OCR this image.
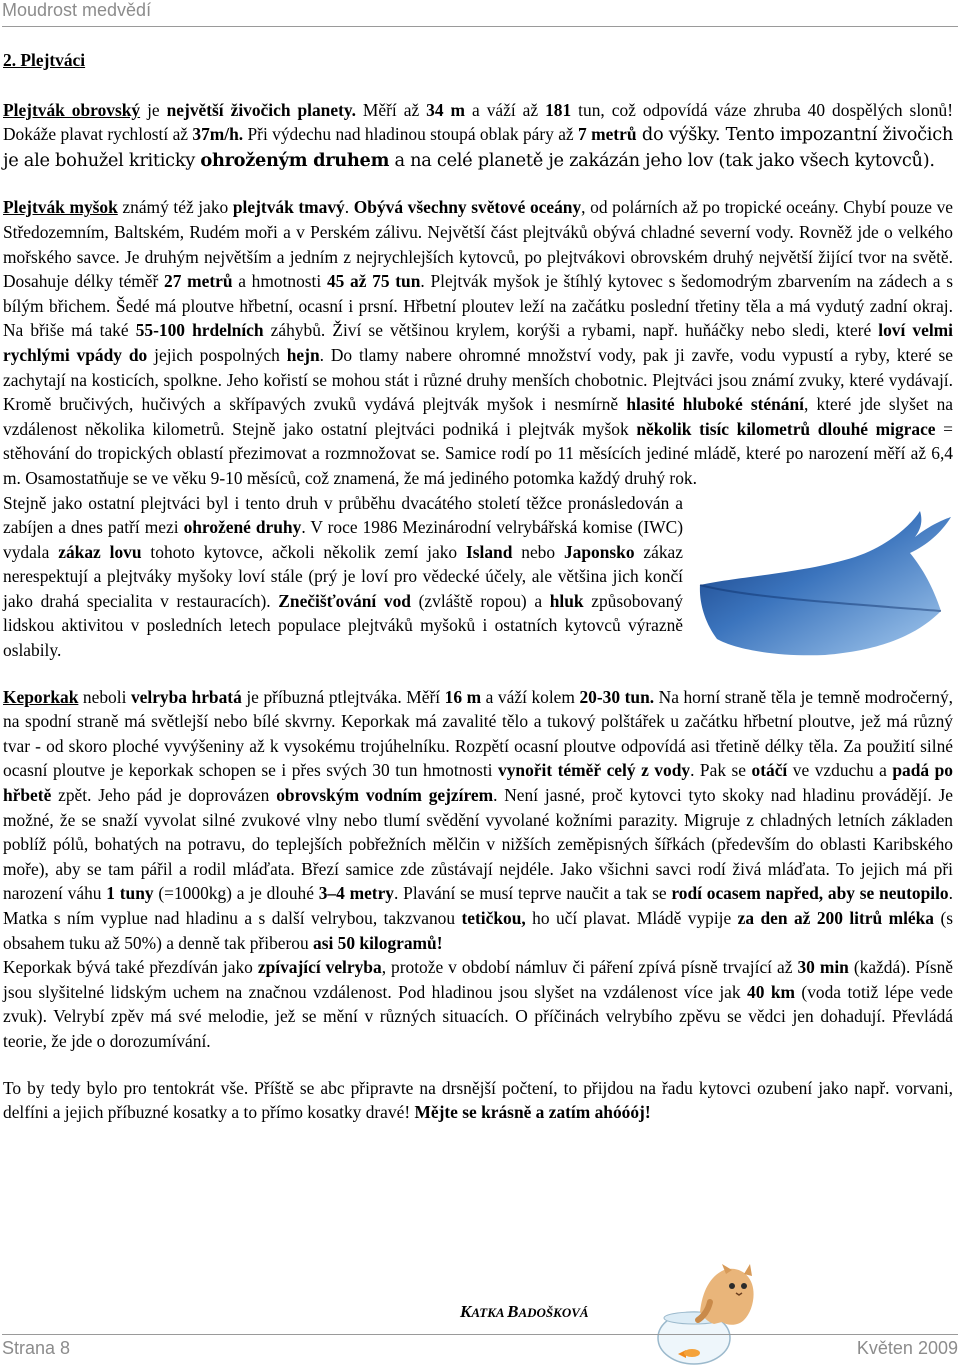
Moudrost medvědí

2. Plejtváci

Plejtvák obrovský je největší živočich planety. Měří až 34 m a váží až 181 tun, což odpovídá váze zhruba 40 dospělých slonů! Dokáže plavat rychlostí až 37m/h. Při výdechu nad hladinou stoupá oblak páry až 7 metrů do výšky. Tento impozantní živočich je ale bohužel kriticky ohroženým druhem a na celé planetě je zakázán jeho lov (tak jako všech kytovců).

Plejtvák myšok známý též jako plejtvák tmavý. Obývá všechny světové oceány, od polárních až po tropické oceány. Chybí pouze ve Středozemním, Baltském, Rudém moři a v Perském zálivu. Největší část plejtváků obývá chladné severní vody. Rovněž jde o velkého mořského savce. Je druhým největším a jedním z nejrychlejších kytovců, po plejtvákovi obrovském druhý největší žijící tvor na světě. Dosahuje délky téměř 27 metrů a hmotnosti 45 až 75 tun. Plejtvák myšok je štíhlý kytovec s šedomodrým zbarvením na zádech a s bílým břichem. Šedé má ploutve hřbetní, ocasní i prsní. Hřbetní ploutev leží na začátku poslední třetiny těla a má vydutý zadní okraj. Na břiše má také 55-100 hrdelních záhybů. Živí se většinou krylem, korýši a rybami, např. huňáčky nebo sledi, které loví velmi rychlými vpády do jejich pospolných hejn. Do tlamy nabere ohromné množství vody, pak ji zavře, vodu vypustí a ryby, které se zachytají na kosticích, spolkne. Jeho kořistí se mohou stát i různé druhy menších chobotnic. Plejtváci jsou známí zvuky, které vydávají. Kromě bručivých, hučivých a skřípavých zvuků vydává plejtvák myšok i nesmírně hlasité hluboké sténání, které jde slyšet na vzdálenost několika kilometrů. Stejně jako ostatní plejtváci podniká i plejtvák myšok několik tisíc kilometrů dlouhé migrace = stěhování do tropických oblastí přezimovat a rozmnožovat se. Samice rodí po 11 měsících jediné mládě, které po narození měří až 6,4 m. Osamostatňuje se ve věku 9-10 měsíců, což znamená, že má jediného potomka každý druhý rok.

Stejně jako ostatní plejtváci byl i tento druh v průběhu dvacátého století těžce pronásledován a zabíjen a dnes patří mezi ohrožené druhy. V roce 1986 Mezinárodní velrybářská komise (IWC) vydala zákaz lovu tohoto kytovce, ačkoli několik zemí jako Island nebo Japonsko zákaz nerespektují a plejtváky myšoky loví stále (prý je loví pro vědecké účely, ale většina jich končí jako drahá specialita v restauracích). Znečišťování vod (zvláště ropou) a hluk způsobovaný lidskou aktivitou v posledních letech populace plejtváků myšoků i ostatních kytovců výrazně oslabily.

Keporkak neboli velryba hrbatá je příbuzná ptlejtváka. Měří 16 m a váží kolem 20-30 tun. Na horní straně těla je temně modročerný, na spodní straně má světlejší nebo bílé skvrny. Keporkak má zavalité tělo a tukový polštářek u začátku hřbetní ploutve, jež má různý tvar - od skoro ploché vyvýšeniny až k vysokému trojúhelníku. Rozpětí ocasní ploutve odpovídá asi třetině délky těla. Za použití silné ocasní ploutve je keporkak schopen se i přes svých 30 tun hmotnosti vynořit téměř celý z vody. Pak se otáčí ve vzduchu a padá po hřbetě zpět. Jeho pád je doprovázen obrovským vodním gejzírem. Není jasné, proč kytovci tyto skoky nad hladinu provádějí. Je možné, že se snaží vyvolat silné zvukové vlny nebo tlumí svědění vyvolané kožními parazity. Migruje z chladných letních základen poblíž pólů, bohatých na potravu, do teplejších pobřežních mělčin v nižších zeměpisných šířkách (především do oblasti Karibského moře), aby se tam pářil a rodil mláďata. Březí samice zde zůstávají nejdéle. Jako všichni savci rodí živá mláďata. To jejich má při narození váhu 1 tuny (=1000kg) a je dlouhé 3–4 metry. Plavání se musí teprve naučit a tak se rodí ocasem napřed, aby se neutopilo. Matka s ním vyplue nad hladinu a s další velrybou, takzvanou tetičkou, ho učí plavat. Mládě vypije za den až 200 litrů mléka (s obsahem tuku až 50%) a denně tak přiberou asi 50 kilogramů!

Keporkak bývá také přezdíván jako zpívající velryba, protože v období námluv či páření zpívá písně trvající až 30 min (každá). Písně jsou slyšitelné lidským uchem na značnou vzdálenost. Pod hladinou jsou slyšet na vzdálenost více jak 40 km (voda totiž lépe vede zvuk). Velrybí zpěv má své melodie, jež se mění v různých situacích. O příčinách velrybího zpěvu se vědci jen dohadují. Převládá teorie, že jde o dorozumívání.

To by tedy bylo pro tentokrát vše. Příště se abc připravte na drsnější počtení, to přijdou na řadu kytovci ozubení jako např. vorvani, delfíni a jejich příbuzné kosatky a to přímo kosatky dravé! Mějte se krásně a zatím ahóóój!

KATKA BADOŠKOVÁ
Strana 8	Květen 2009
